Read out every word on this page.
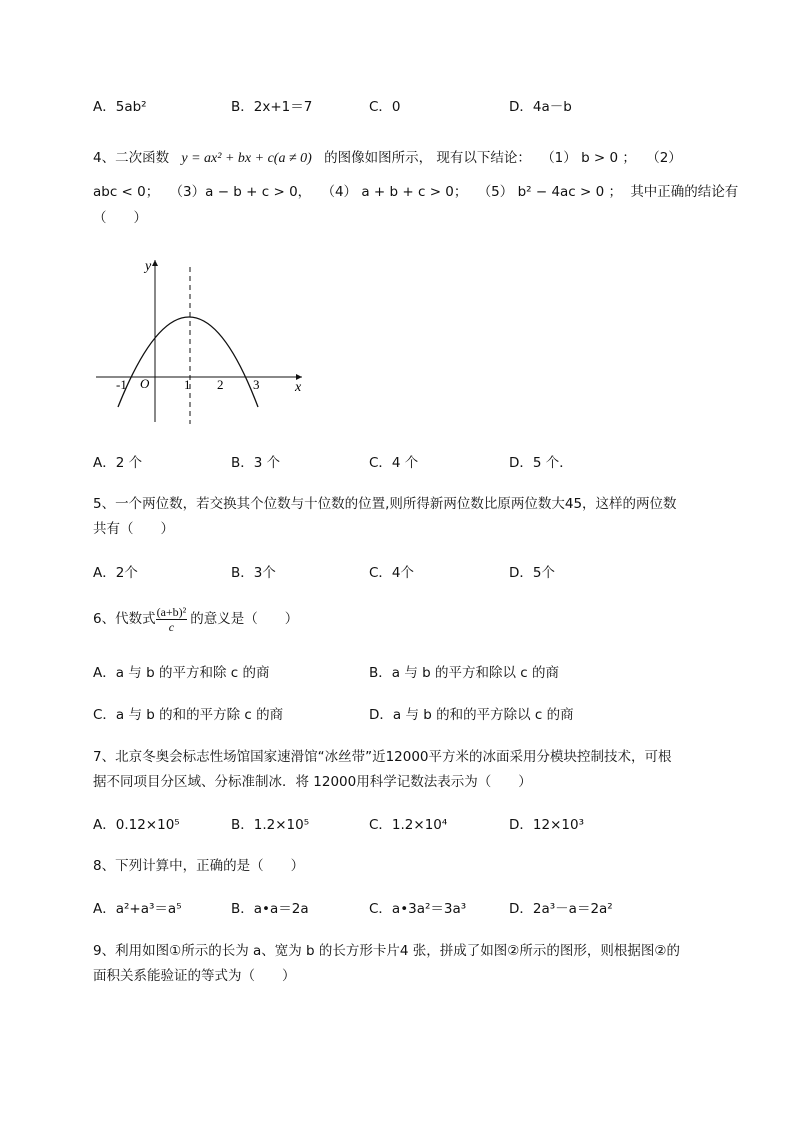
A．5ab²	B．2x+1＝7	C．0	D．4a－b
4、二次函数 y = ax² + bx + c(a ≠ 0) 的图像如图所示， 现有以下结论： （1） b > 0 ； （2）
abc < 0； （3）a − b + c > 0， （4） a + b + c > 0； （5） b² − 4ac > 0 ； 其中正确的结论有
（　　）
y
x
O
-1	1 2 3
A．2 个	B．3 个	C．4 个	D．5 个．
5、一个两位数，若交换其个位数与十位数的位置,则所得新两位数比原两位数大45，这样的两位数
共有（　　）
A．2个	B．3个	C．4个	D．5个
6、代数式 $\frac{\text{(a+b)²}}{c}$ 的意义是（　　）
A．a 与 b 的平方和除 c 的商	B．a 与 b 的平方和除以 c 的商
C．a 与 b 的和的平方除 c 的商	D．a 与 b 的和的平方除以 c 的商
7、北京冬奥会标志性场馆国家速滑馆“冰丝带”近12000平方米的冰面采用分模块控制技术，可根
据不同项目分区域、分标准制冰．将 12000用科学记数法表示为（　　）
A．0.12×10⁵	B．1.2×10⁵	C．1.2×10⁴	D．12×10³
8、下列计算中，正确的是（　　）
A．a²+a³＝a⁵	B．a•a＝2a	C．a•3a²＝3a³	D．2a³－a＝2a²
9、利用如图①所示的长为 a、宽为 b 的长方形卡片4 张，拼成了如图②所示的图形，则根据图②的
面积关系能验证的等式为（　　）
